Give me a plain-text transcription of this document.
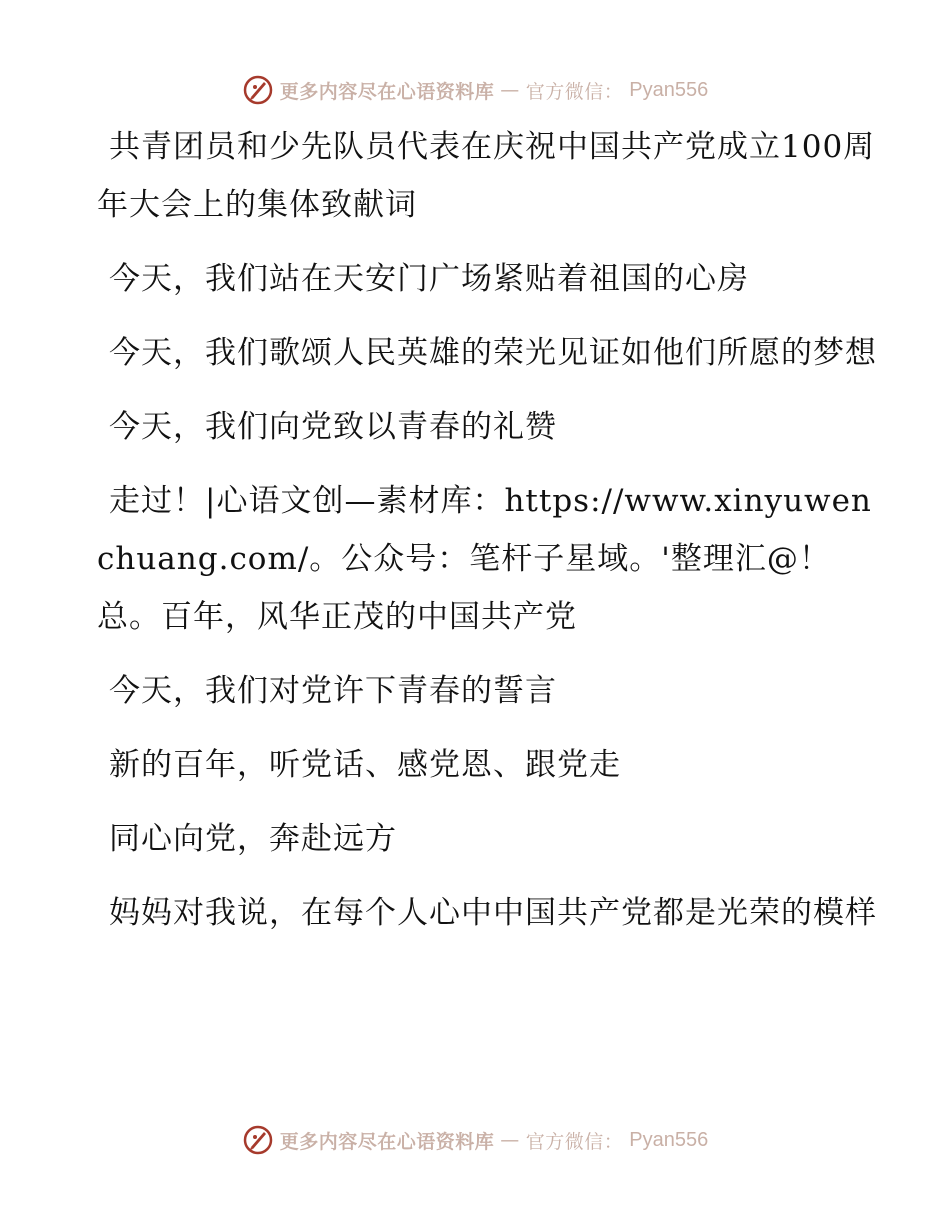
更多内容尽在心语资料库 — 官方微信： Pyan556

共青团员和少先队员代表在庆祝中国共产党成立100周年大会上的集体致献词

今天，我们站在天安门广场紧贴着祖国的心房

今天，我们歌颂人民英雄的荣光见证如他们所愿的梦想

今天，我们向党致以青春的礼赞

走过！|心语文创—素材库：https://www.xinyuwenchuang.com/。公众号：笔杆子星域。'整理汇@！总。百年，风华正茂的中国共产党

今天，我们对党许下青春的誓言

新的百年，听党话、感党恩、跟党走

同心向党，奔赴远方

妈妈对我说，在每个人心中中国共产党都是光荣的模样

更多内容尽在心语资料库 — 官方微信： Pyan556
